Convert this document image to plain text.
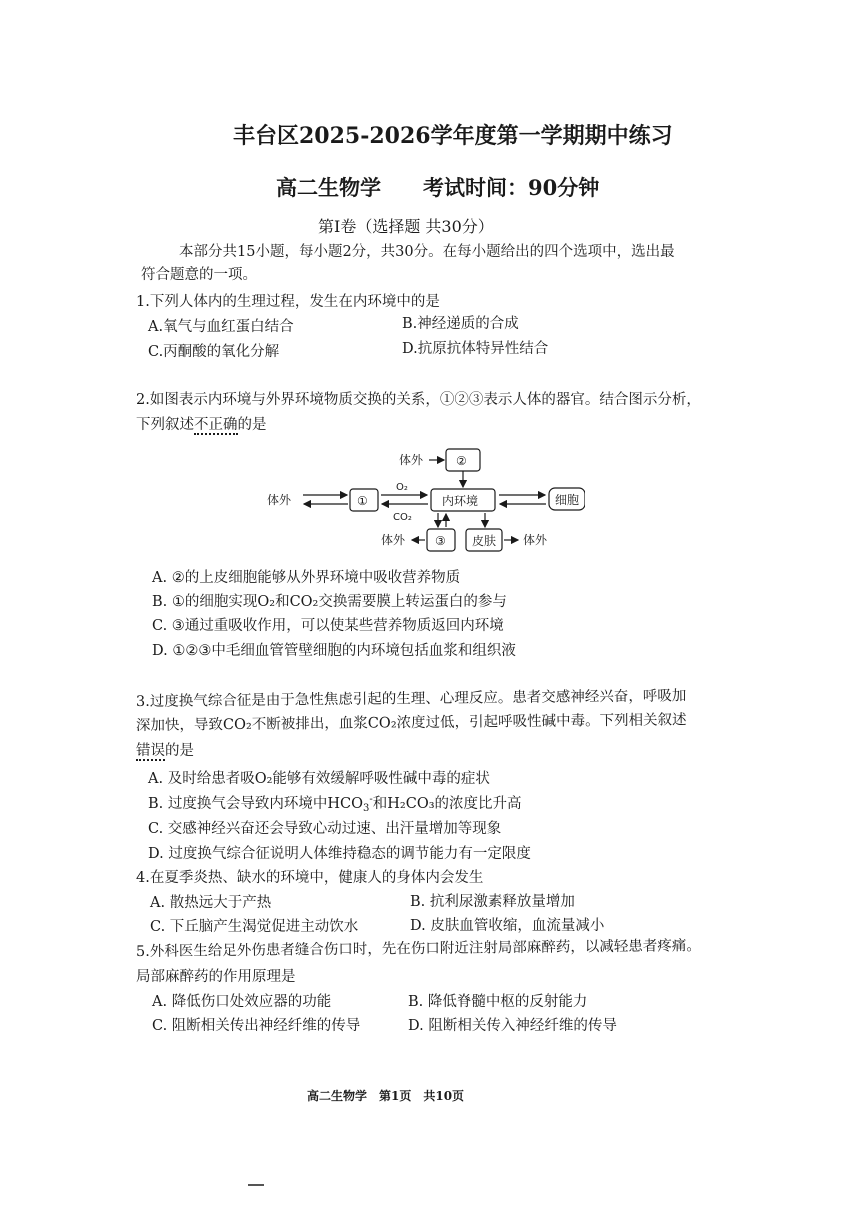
丰台区2025-2026学年度第一学期期中练习
高二生物学　　考试时间：90分钟
第Ⅰ卷（选择题 共30分）
本部分共15小题，每小题2分，共30分。在每小题给出的四个选项中，选出最
符合题意的一项。
1.下列人体内的生理过程，发生在内环境中的是
A.氧气与血红蛋白结合	B.神经递质的合成
C.丙酮酸的氧化分解	D.抗原抗体特异性结合
2.如图表示内环境与外界环境物质交换的关系，①②③表示人体的器官。结合图示分析，
下列叙述不正确的是
体外	②
体外	①
O₂
CO₂
内环境	细胞
体外 ③ 皮肤 体外
A. ②的上皮细胞能够从外界环境中吸收营养物质
B. ①的细胞实现O₂和CO₂交换需要膜上转运蛋白的参与
C. ③通过重吸收作用，可以使某些营养物质返回内环境
D. ①②③中毛细血管管壁细胞的内环境包括血浆和组织液
3.过度换气综合征是由于急性焦虑引起的生理、心理反应。患者交感神经兴奋，呼吸加
深加快，导致CO₂不断被排出，血浆CO₂浓度过低，引起呼吸性碱中毒。下列相关叙述
错误的是
A. 及时给患者吸O₂能够有效缓解呼吸性碱中毒的症状
B. 过度换气会导致内环境中$HCO_3^-$和H₂CO₃的浓度比升高
C. 交感神经兴奋还会导致心动过速、出汗量增加等现象
D. 过度换气综合征说明人体维持稳态的调节能力有一定限度
4.在夏季炎热、缺水的环境中，健康人的身体内会发生
A. 散热远大于产热	B. 抗利尿激素释放量增加
C. 下丘脑产生渴觉促进主动饮水	D. 皮肤血管收缩，血流量减小
5.外科医生给足外伤患者缝合伤口时，先在伤口附近注射局部麻醉药，以减轻患者疼痛。
局部麻醉药的作用原理是
A. 降低伤口处效应器的功能	B. 降低脊髓中枢的反射能力
C. 阻断相关传出神经纤维的传导	D. 阻断相关传入神经纤维的传导
高二生物学　第1页　共10页
